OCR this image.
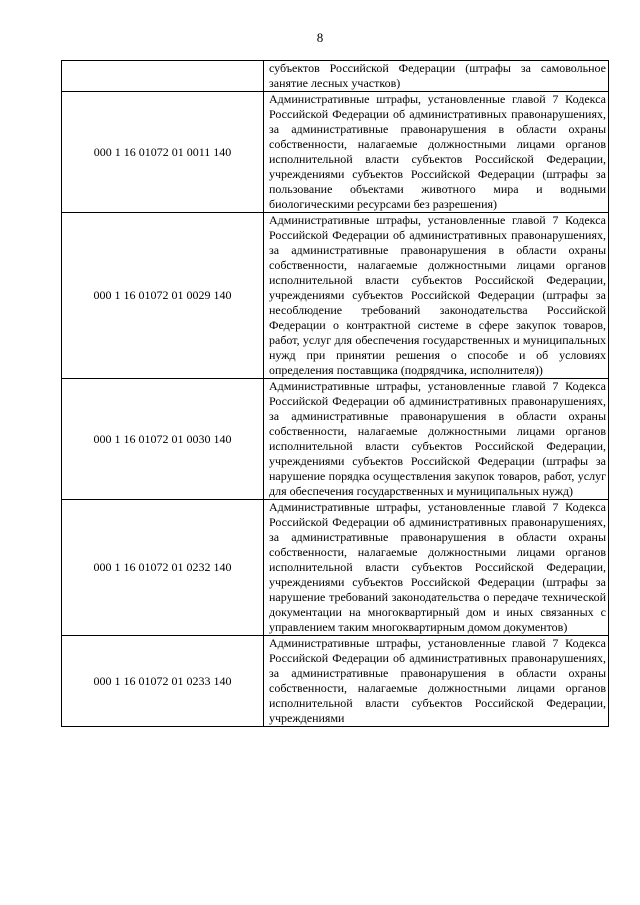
8
	субъектов Российской Федерации (штрафы за самовольное занятие лесных участков)
000 1 16 01072 01 0011 140	Административные штрафы, установленные главой 7 Кодекса Российской Федерации об административных правонарушениях, за административные правонарушения в области охраны собственности, налагаемые должностными лицами органов исполнительной власти субъектов Российской Федерации, учреждениями субъектов Российской Федерации (штрафы за пользование объектами животного мира и водными биологическими ресурсами без разрешения)
000 1 16 01072 01 0029 140	Административные штрафы, установленные главой 7 Кодекса Российской Федерации об административных правонарушениях, за административные правонарушения в области охраны собственности, налагаемые должностными лицами органов исполнительной власти субъектов Российской Федерации, учреждениями субъектов Российской Федерации (штрафы за несоблюдение требований законодательства Российской Федерации о контрактной системе в сфере закупок товаров, работ, услуг для обеспечения государственных и муниципальных нужд при принятии решения о способе и об условиях определения поставщика (подрядчика, исполнителя))
000 1 16 01072 01 0030 140	Административные штрафы, установленные главой 7 Кодекса Российской Федерации об административных правонарушениях, за административные правонарушения в области охраны собственности, налагаемые должностными лицами органов исполнительной власти субъектов Российской Федерации, учреждениями субъектов Российской Федерации (штрафы за нарушение порядка осуществления закупок товаров, работ, услуг для обеспечения государственных и муниципальных нужд)
000 1 16 01072 01 0232 140	Административные штрафы, установленные главой 7 Кодекса Российской Федерации об административных правонарушениях, за административные правонарушения в области охраны собственности, налагаемые должностными лицами органов исполнительной власти субъектов Российской Федерации, учреждениями субъектов Российской Федерации (штрафы за нарушение требований законодательства о передаче технической документации на многоквартирный дом и иных связанных с управлением таким многоквартирным домом документов)
000 1 16 01072 01 0233 140	Административные штрафы, установленные главой 7 Кодекса Российской Федерации об административных правонарушениях, за административные правонарушения в области охраны собственности, налагаемые должностными лицами органов исполнительной власти субъектов Российской Федерации, учреждениями
